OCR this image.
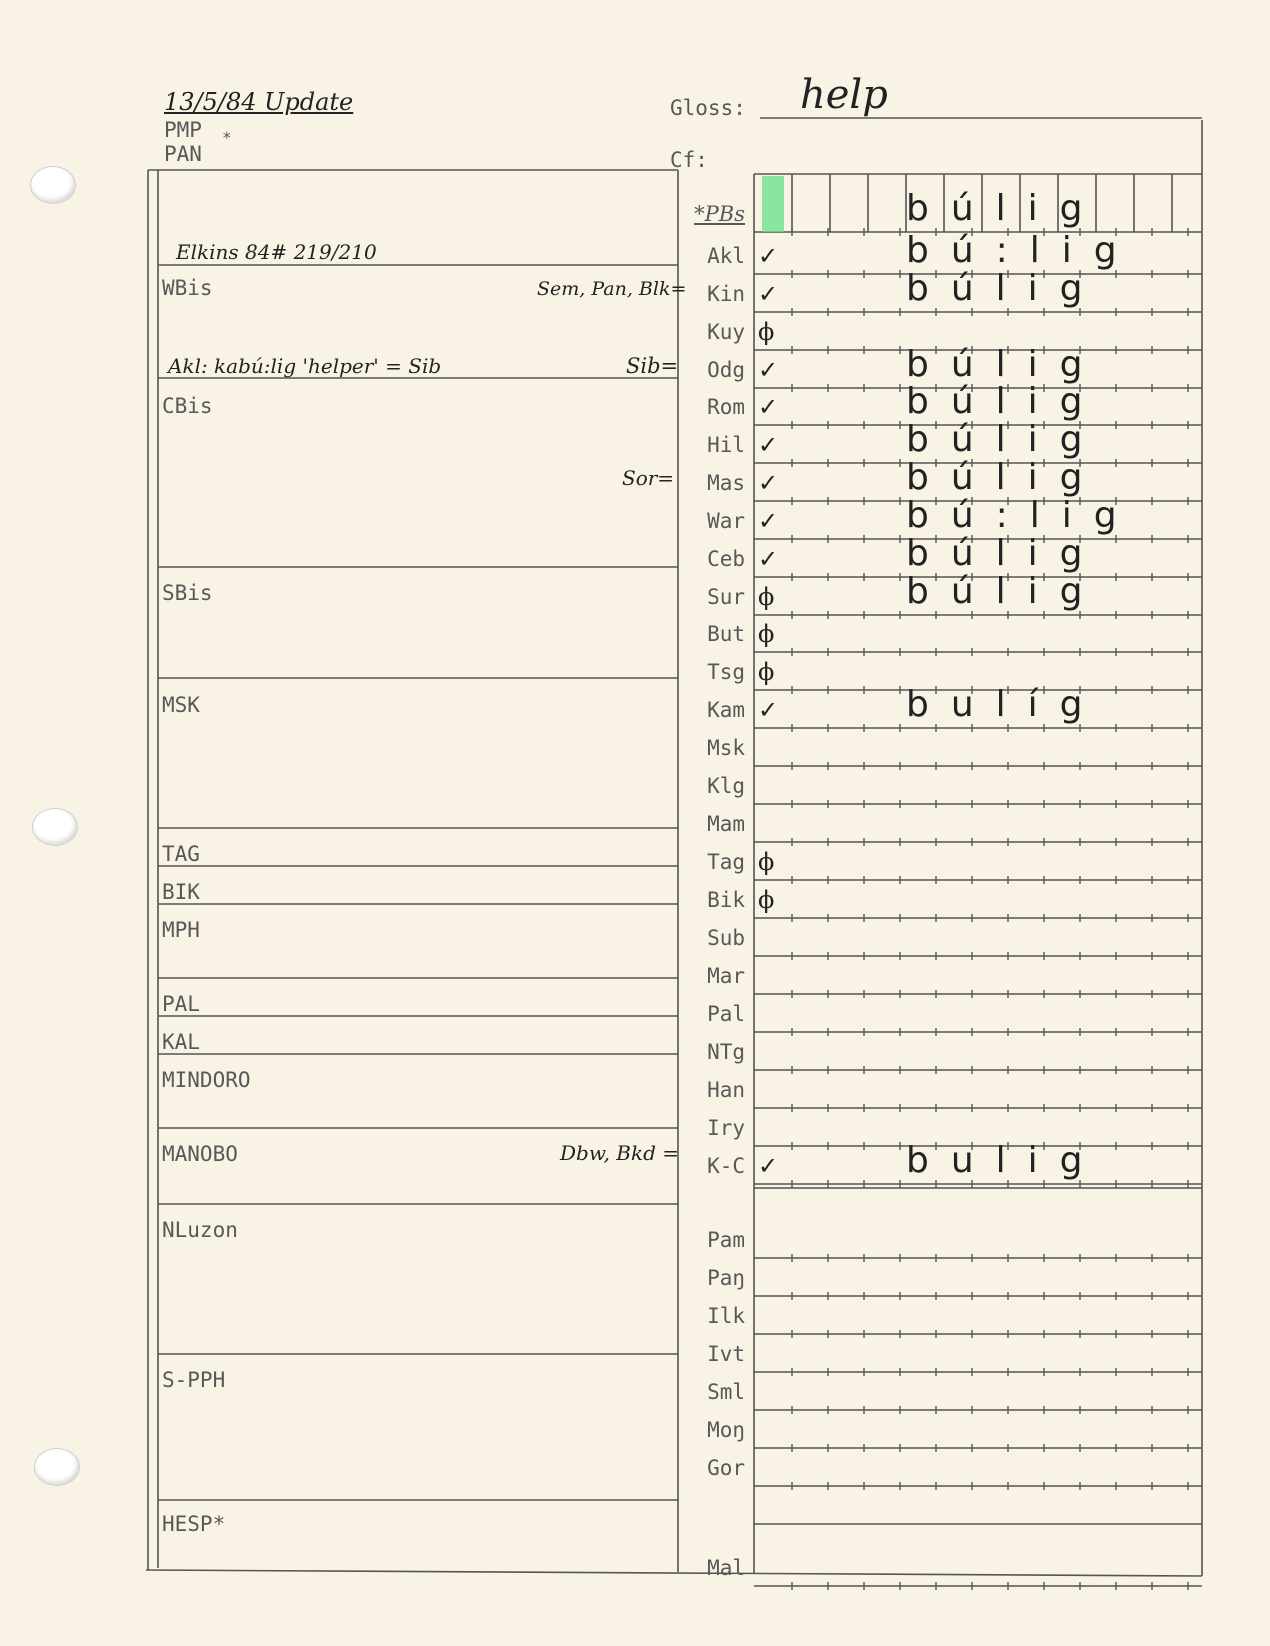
13/5/84 Update
PMP *
PAN
Gloss: help
Cf:
Elkins 84# 219/210
WBis	Sem, Pan, Blk=
Akl: kabú:lig 'helper' = Sib	Sib=
CBis
Sor=
SBis
MSK
TAG
BIK
MPH
PAL
KAL
MINDORO
MANOBO	Dbw, Bkd =
NLuzon
S-PPH
HESP*
*PBs	búlig
Akl ✓	bú:lig
Kin ✓	búlig
Kuy ϕ
Odg ✓	búlig
Rom ✓	búlig
Hil ✓	búlig
Mas ✓	búlig
War ✓	bú:lig
Ceb ✓	búlig
Sur ϕ	búlig
But ϕ
Tsg ϕ
Kam ✓	bulíg
Msk
Klg
Mam
Tag ϕ
Bik ϕ
Sub
Mar
Pal
NTg
Han
Iry
K-C ✓	bulig
Pam
Paŋ
Ilk
Ivt
Sml
Moŋ
Gor
Mal
